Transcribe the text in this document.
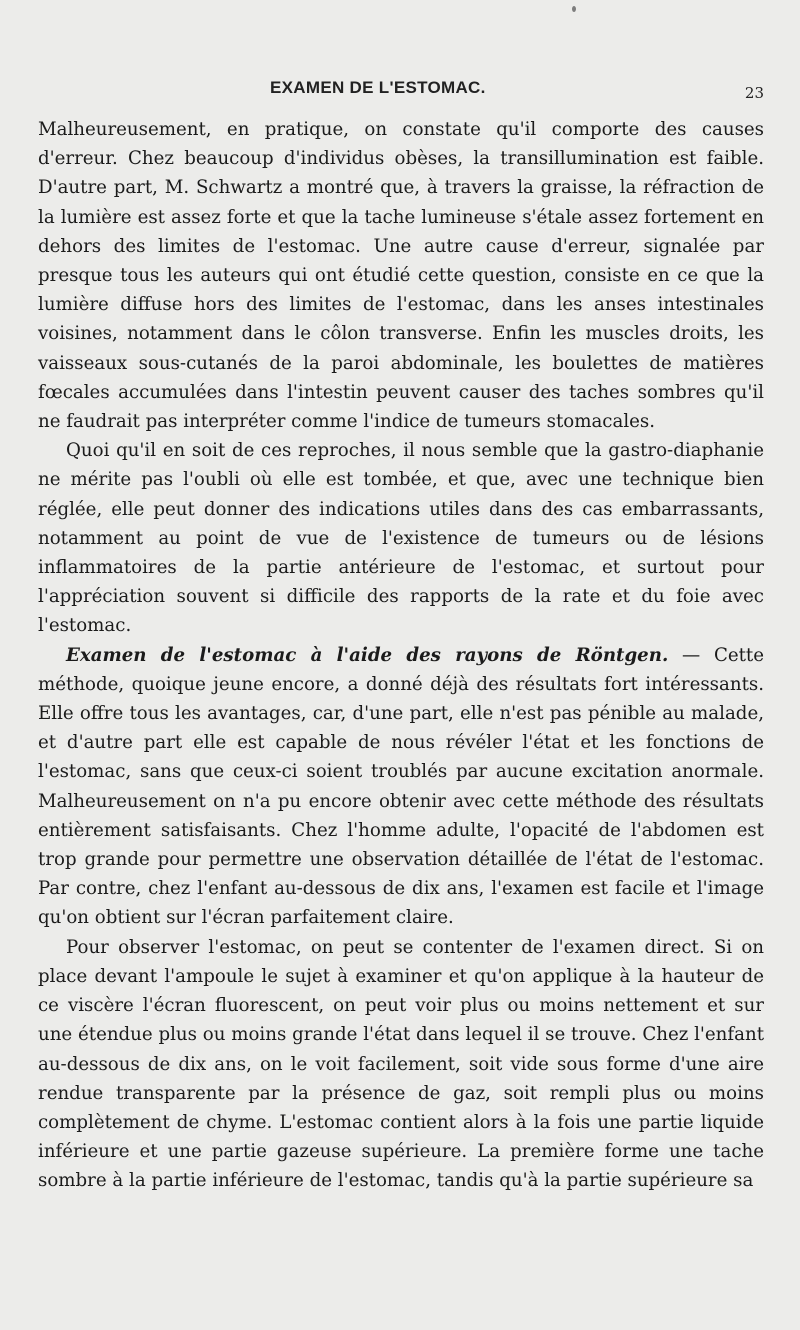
EXAMEN DE L'ESTOMAC.	23

Malheureusement, en pratique, on constate qu'il comporte des causes d'erreur. Chez beaucoup d'individus obèses, la transillumination est faible. D'autre part, M. Schwartz a montré que, à travers la graisse, la réfraction de la lumière est assez forte et que la tache lumineuse s'étale assez fortement en dehors des limites de l'estomac. Une autre cause d'erreur, signalée par presque tous les auteurs qui ont étudié cette question, consiste en ce que la lumière diffuse hors des limites de l'estomac, dans les anses intestinales voisines, notamment dans le côlon transverse. Enfin les muscles droits, les vaisseaux sous-cutanés de la paroi abdominale, les boulettes de matières fœcales accumulées dans l'intestin peuvent causer des taches sombres qu'il ne faudrait pas interpréter comme l'indice de tumeurs stomacales.

Quoi qu'il en soit de ces reproches, il nous semble que la gastro-diaphanie ne mérite pas l'oubli où elle est tombée, et que, avec une technique bien réglée, elle peut donner des indications utiles dans des cas embarrassants, notamment au point de vue de l'existence de tumeurs ou de lésions inflammatoires de la partie antérieure de l'estomac, et surtout pour l'appréciation souvent si difficile des rapports de la rate et du foie avec l'estomac.

Examen de l'estomac à l'aide des rayons de Röntgen. — Cette méthode, quoique jeune encore, a donné déjà des résultats fort intéressants. Elle offre tous les avantages, car, d'une part, elle n'est pas pénible au malade, et d'autre part elle est capable de nous révéler l'état et les fonctions de l'estomac, sans que ceux-ci soient troublés par aucune excitation anormale. Malheureusement on n'a pu encore obtenir avec cette méthode des résultats entièrement satisfaisants. Chez l'homme adulte, l'opacité de l'abdomen est trop grande pour permettre une observation détaillée de l'état de l'estomac. Par contre, chez l'enfant au-dessous de dix ans, l'examen est facile et l'image qu'on obtient sur l'écran parfaitement claire.

Pour observer l'estomac, on peut se contenter de l'examen direct. Si on place devant l'ampoule le sujet à examiner et qu'on applique à la hauteur de ce viscère l'écran fluorescent, on peut voir plus ou moins nettement et sur une étendue plus ou moins grande l'état dans lequel il se trouve. Chez l'enfant au-dessous de dix ans, on le voit facilement, soit vide sous forme d'une aire rendue transparente par la présence de gaz, soit rempli plus ou moins complètement de chyme. L'estomac contient alors à la fois une partie liquide inférieure et une partie gazeuse supérieure. La première forme une tache sombre à la partie inférieure de l'estomac, tandis qu'à la partie supérieure sa
